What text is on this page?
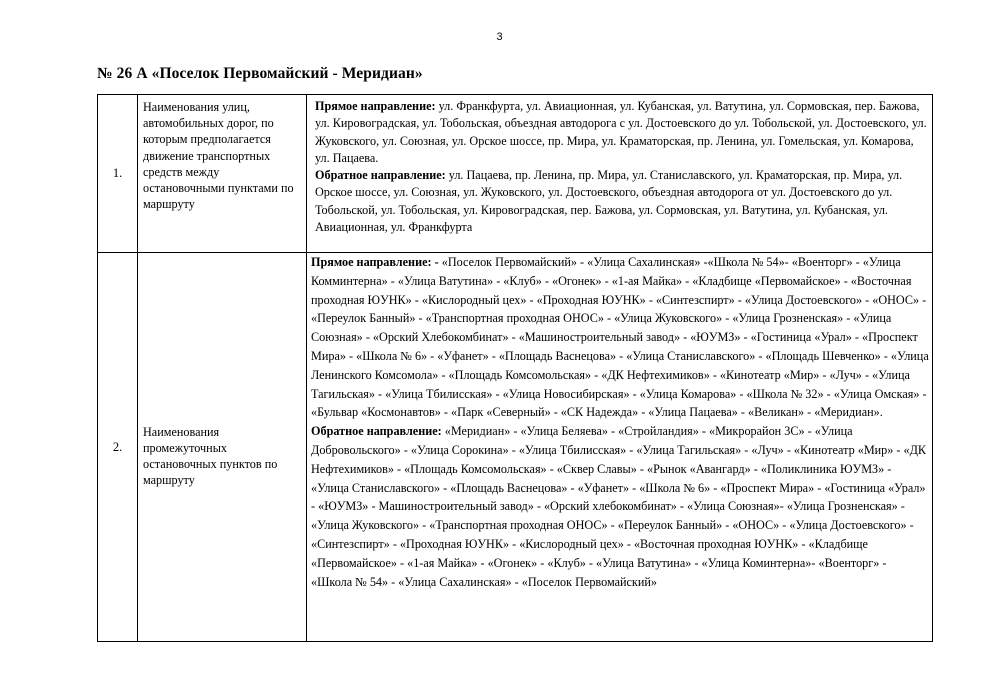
3
№ 26 А «Поселок Первомайский - Меридиан»
1.	Наименования улиц, автомобильных дорог, по которым предполагается движение транспортных средств между остановочными пунктами по маршруту	Прямое направление: ул. Франкфурта, ул. Авиационная, ул. Кубанская, ул. Ватутина, ул. Сормовская, пер. Бажова, ул. Кировоградская, ул. Тобольская, объездная автодорога с ул. Достоевского до ул. Тобольской, ул. Достоевского, ул. Жуковского, ул. Союзная, ул. Орское шоссе, пр. Мира, ул. Краматорская, пр. Ленина, ул. Гомельская, ул. Комарова, ул. Пацаева.
Обратное направление: ул. Пацаева, пр. Ленина, пр. Мира, ул. Станиславского, ул. Краматорская, пр. Мира, ул. Орское шоссе, ул. Союзная, ул. Жуковского, ул. Достоевского, объездная автодорога от ул. Достоевского до ул. Тобольской, ул. Тобольская, ул. Кировоградская, пер. Бажова, ул. Сормовская, ул. Ватутина, ул. Кубанская, ул. Авиационная, ул. Франкфурта
2.	Наименования промежуточных остановочных пунктов по маршруту	Прямое направление: - «Поселок Первомайский» - «Улица Сахалинская» -«Школа № 54»- «Военторг» - «Улица Комминтерна» - «Улица Ватутина» - «Клуб» - «Огонек» - «1-ая Майка» - «Кладбище «Первомайское» - «Восточная проходная ЮУНК» - «Кислородный цех» - «Проходная ЮУНК» - «Синтезспирт» - «Улица Достоевского» - «ОНОС» - «Переулок Банный» - «Транспортная проходная ОНОС» - «Улица Жуковского» - «Улица Грозненская» - «Улица Союзная» - «Орский Хлебокомбинат» - «Машиностроительный завод» - «ЮУМЗ» - «Гостиница «Урал» - «Проспект Мира» - «Школа № 6» - «Уфанет» - «Площадь Васнецова» - «Улица Станиславского» - «Площадь Шевченко» - «Улица Ленинского Комсомола» - «Площадь Комсомольская» - «ДК Нефтехимиков» - «Кинотеатр «Мир» - «Луч» - «Улица Тагильская» - «Улица Тбилисская» - «Улица Новосибирская» - «Улица Комарова» - «Школа № 32» - «Улица Омская» - «Бульвар «Космонавтов» - «Парк «Северный» - «СК Надежда» - «Улица Пацаева» - «Великан» - «Меридиан».
Обратное направление: «Меридиан» - «Улица Беляева» - «Стройландия» - «Микрорайон 3С» - «Улица Добровольского» - «Улица Сорокина» - «Улица Тбилисская» - «Улица Тагильская» - «Луч» - «Кинотеатр «Мир» - «ДК Нефтехимиков» - «Площадь Комсомольская» - «Сквер Славы» - «Рынок «Авангард» - «Поликлиника ЮУМЗ» - «Улица Станиславского» - «Площадь Васнецова» - «Уфанет» - «Школа № 6» - «Проспект Мира» - «Гостиница «Урал» - «ЮУМЗ» - Машиностроительный завод» - «Орский хлебокомбинат» - «Улица Союзная»- «Улица Грозненская» - «Улица Жуковского» - «Транспортная проходная ОНОС» - «Переулок Банный» - «ОНОС» - «Улица Достоевского» - «Синтезспирт» - «Проходная ЮУНК» - «Кислородный цех» - «Восточная проходная ЮУНК» - «Кладбище «Первомайское» - «1-ая Майка» - «Огонек» - «Клуб» - «Улица Ватутина» - «Улица Коминтерна»- «Военторг» - «Школа № 54» - «Улица Сахалинская» - «Поселок Первомайский»
